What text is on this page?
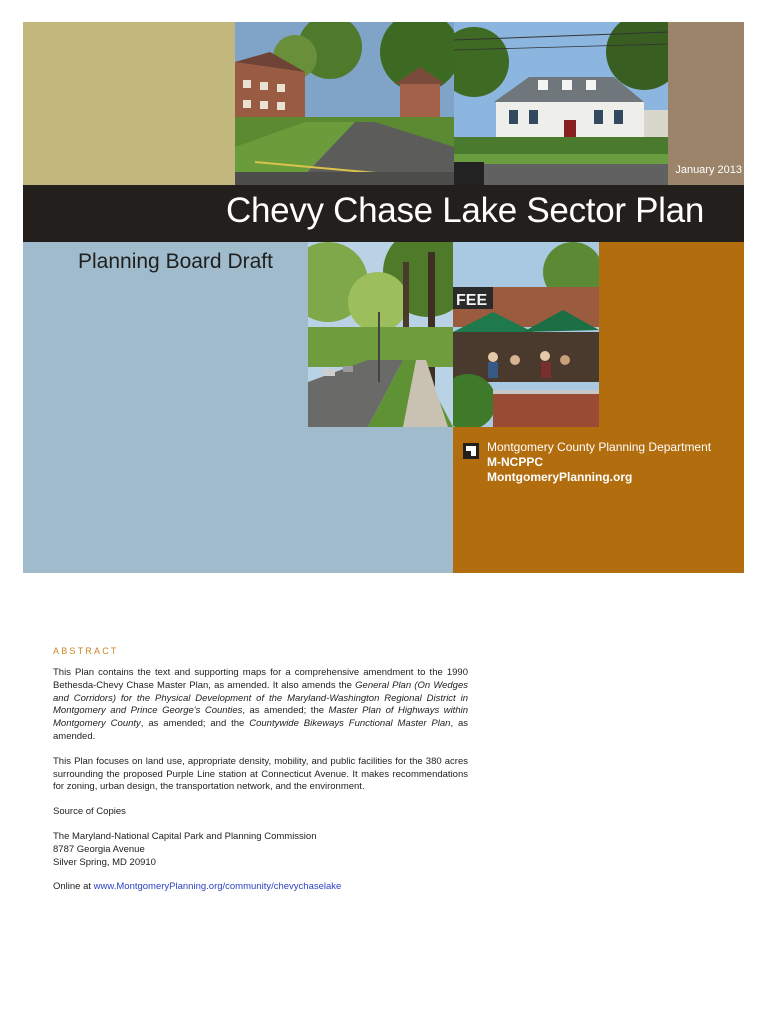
January 2013
Chevy Chase Lake Sector Plan
Planning Board Draft
FEE
Montgomery County Planning Department
M-NCPPC
MontgomeryPlanning.org
ABSTRACT

This Plan contains the text and supporting maps for a comprehensive amendment to the 1990 Bethesda-Chevy Chase Master Plan, as amended. It also amends the General Plan (On Wedges and Corridors) for the Physical Development of the Maryland-Washington Regional District in Montgomery and Prince George's Counties, as amended; the Master Plan of Highways within Montgomery County, as amended; and the Countywide Bikeways Functional Master Plan, as amended.

This Plan focuses on land use, appropriate density, mobility, and public facilities for the 380 acres surrounding the proposed Purple Line station at Connecticut Avenue. It makes recommendations for zoning, urban design, the transportation network, and the environment.

Source of Copies

The Maryland-National Capital Park and Planning Commission

8787 Georgia Avenue

Silver Spring, MD 20910

Online at www.MontgomeryPlanning.org/community/chevychaselake
